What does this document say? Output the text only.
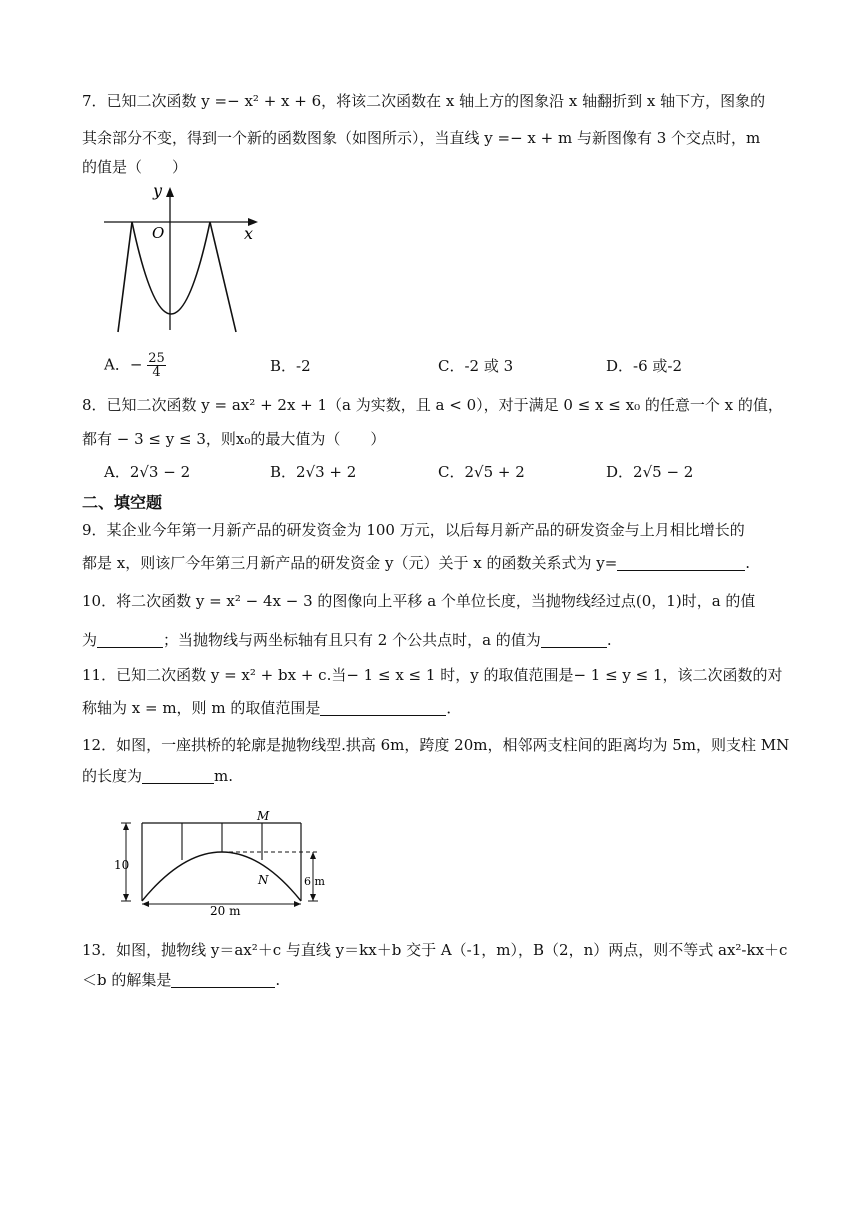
7．已知二次函数 y =− x² + x + 6，将该二次函数在 x 轴上方的图象沿 x 轴翻折到 x 轴下方，图象的
其余部分不变，得到一个新的函数图象（如图所示），当直线 y =− x + m 与新图像有 3 个交点时，m
的值是（　　）
y
x
O
A．− $\frac{25}{4}$	B．-2	C．-2 或 3	D．-6 或-2
8．已知二次函数 y = ax² + 2x + 1（a 为实数，且 a < 0），对于满足 0 ≤ x ≤ x₀ 的任意一个 x 的值，
都有 − 3 ≤ y ≤ 3，则x₀的最大值为（　　）
A．2√3 − 2	B．2√3 + 2	C．2√5 + 2	D．2√5 − 2
二、填空题
9．某企业今年第一月新产品的研发资金为 100 万元，以后每月新产品的研发资金与上月相比增长的
都是 x，则该厂今年第三月新产品的研发资金 y（元）关于 x 的函数关系式为 y=	.
10．将二次函数 y = x² − 4x − 3 的图像向上平移 a 个单位长度，当抛物线经过点(0，1)时，a 的值
为	；当抛物线与两坐标轴有且只有 2 个公共点时，a 的值为	.
11．已知二次函数 y = x² + bx + c.当− 1 ≤ x ≤ 1 时，y 的取值范围是− 1 ≤ y ≤ 1，该二次函数的对
称轴为 x = m，则 m 的取值范围是	．
12．如图，一座拱桥的轮廓是抛物线型.拱高 6m，跨度 20m，相邻两支柱间的距离均为 5m，则支柱 MN
的长度为	m.
10
6 m
20 m
M
N
13．如图，抛物线 y＝ax²＋c 与直线 y＝kx＋b 交于 A（-1，m），B（2，n）两点，则不等式 ax²-kx＋c
＜b 的解集是	.
